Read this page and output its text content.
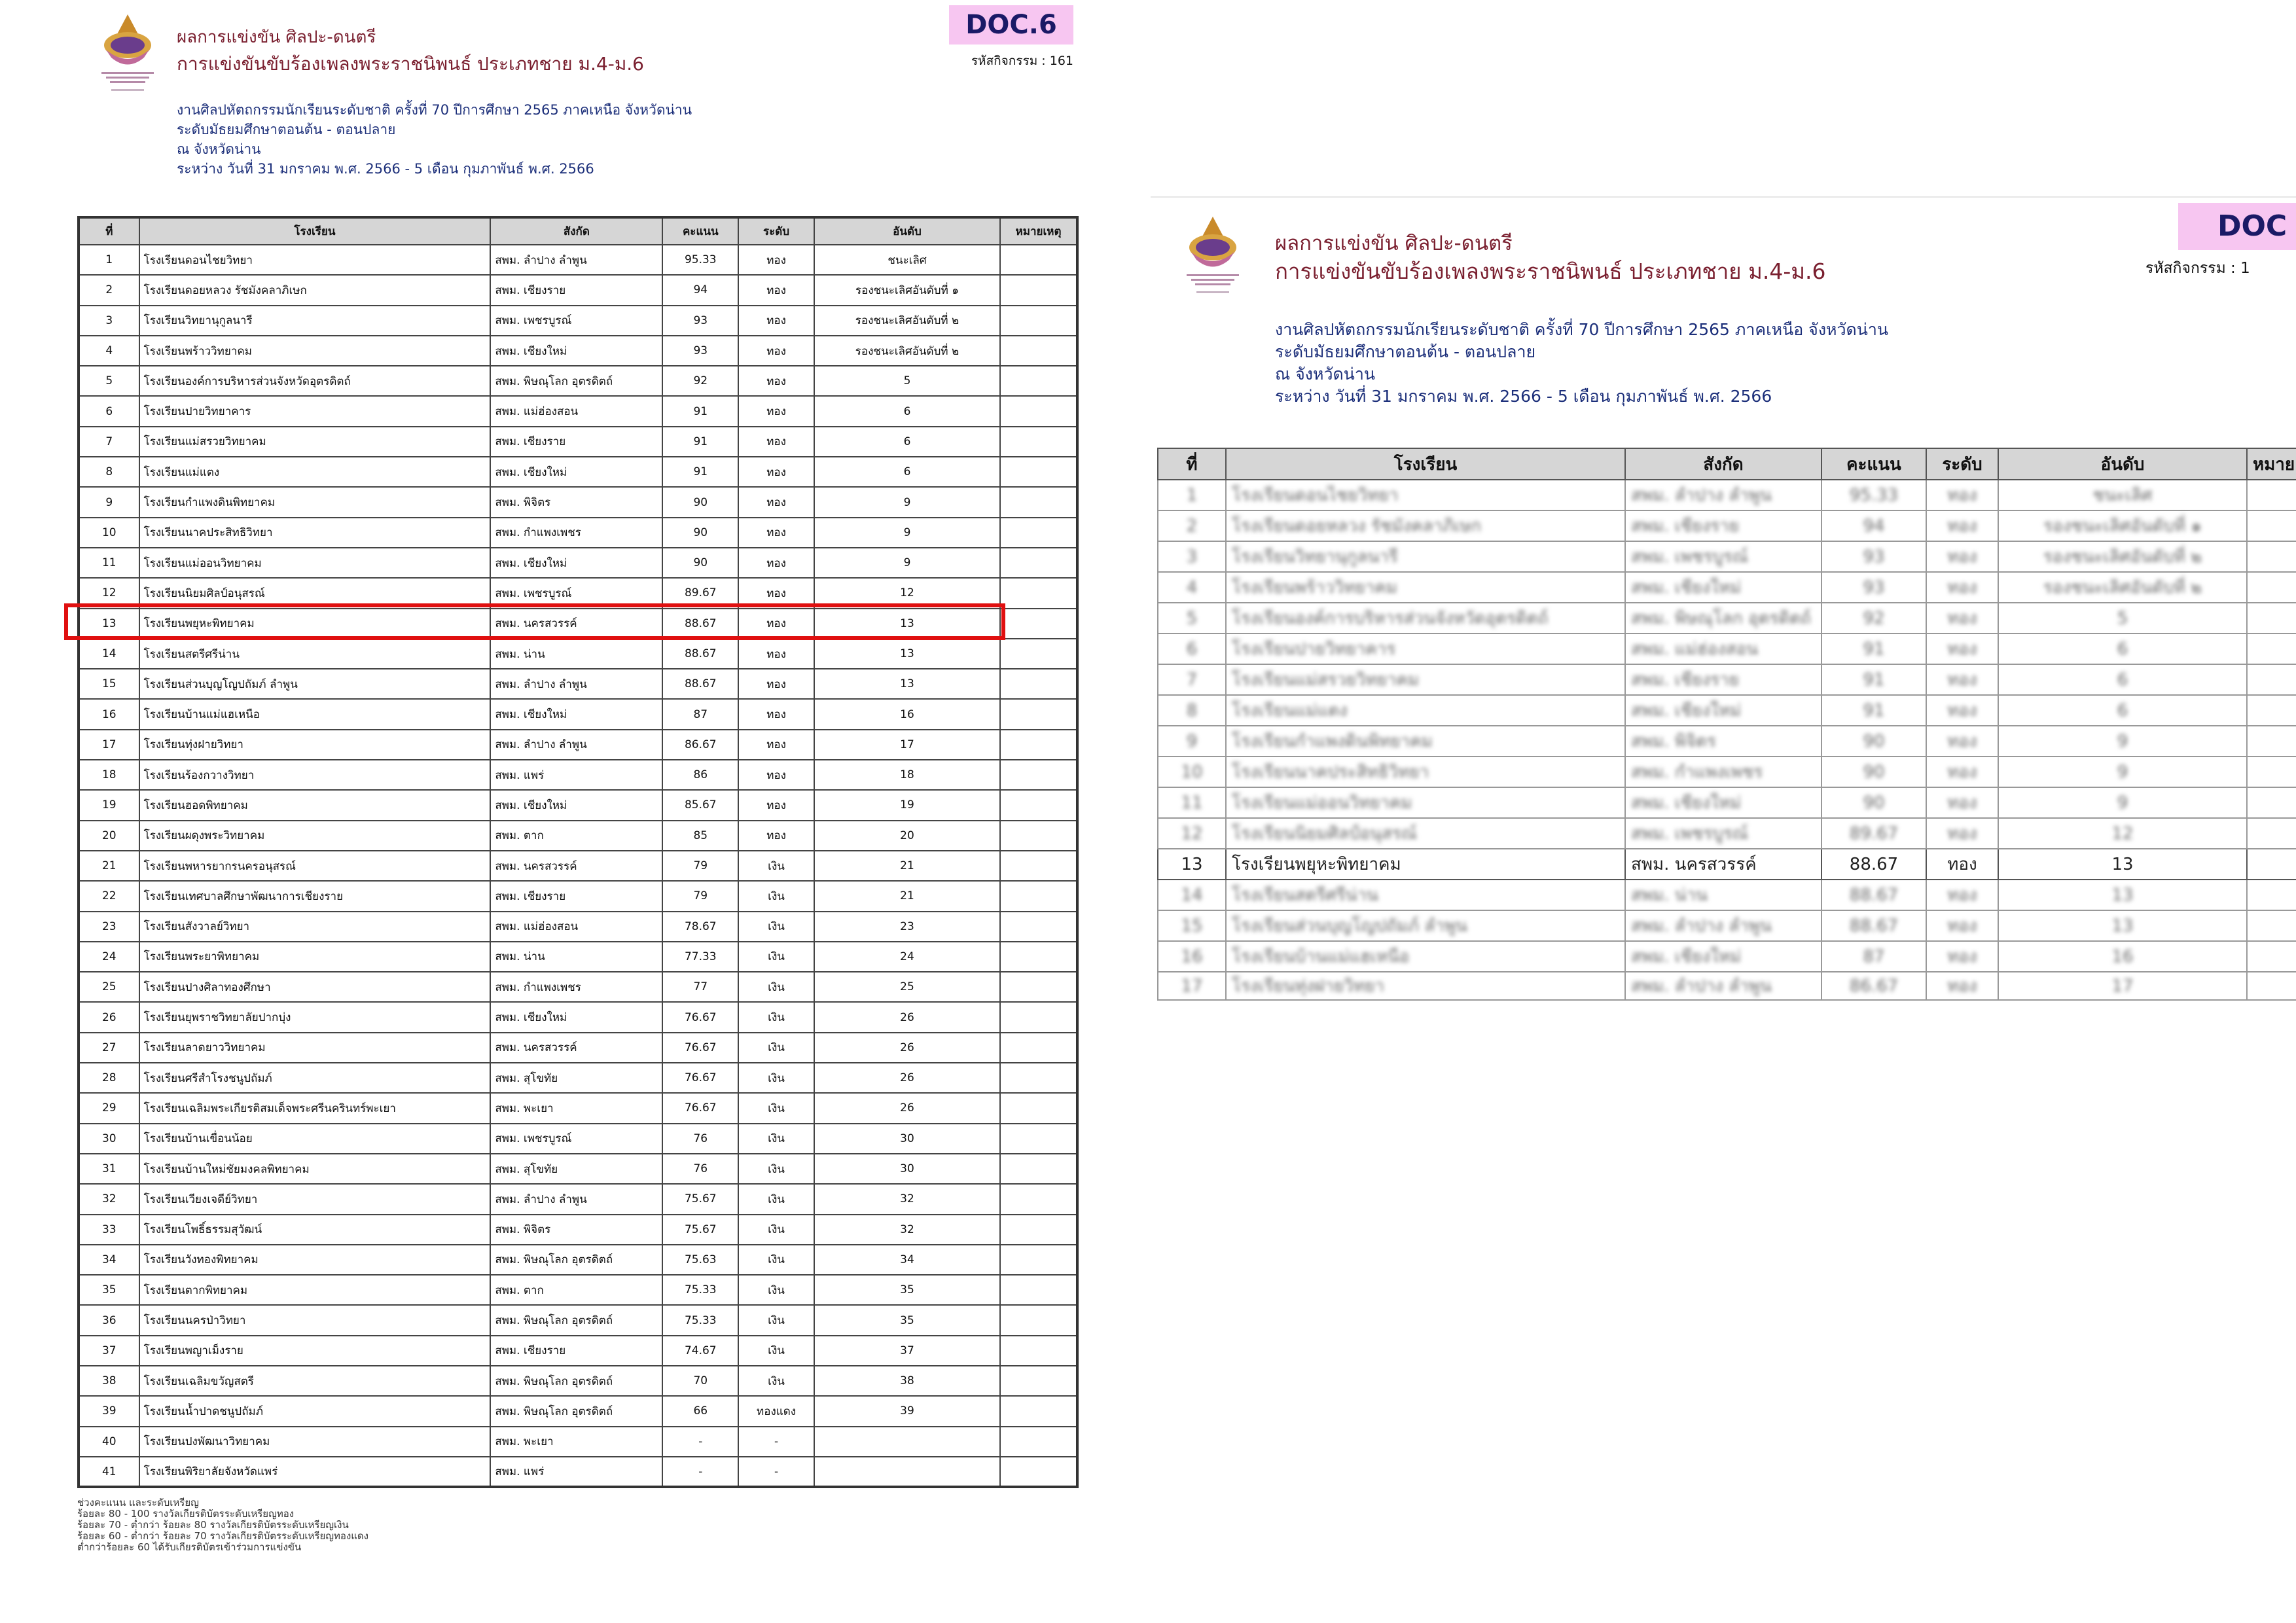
ผลการแข่งขัน ศิลปะ-ดนตรี
การแข่งขันขับร้องเพลงพระราชนิพนธ์ ประเภทชาย ม.4-ม.6
DOC.6
รหัสกิจกรรม : 161
งานศิลปหัตถกรรมนักเรียนระดับชาติ ครั้งที่ 70 ปีการศึกษา 2565 ภาคเหนือ จังหวัดน่าน
ระดับมัธยมศึกษาตอนต้น - ตอนปลาย
ณ จังหวัดน่าน
ระหว่าง วันที่ 31 มกราคม พ.ศ. 2566 - 5 เดือน กุมภาพันธ์ พ.ศ. 2566
ที่	โรงเรียน	สังกัด	คะแนน	ระดับ	อันดับ	หมายเหตุ
1	โรงเรียนดอนไชยวิทยา	สพม. ลำปาง ลำพูน	95.33	ทอง	ชนะเลิศ	
2	โรงเรียนดอยหลวง รัชมังคลาภิเษก	สพม. เชียงราย	94	ทอง	รองชนะเลิศอันดับที่ ๑	
3	โรงเรียนวิทยานุกูลนารี	สพม. เพชรบูรณ์	93	ทอง	รองชนะเลิศอันดับที่ ๒	
4	โรงเรียนพร้าววิทยาคม	สพม. เชียงใหม่	93	ทอง	รองชนะเลิศอันดับที่ ๒	
5	โรงเรียนองค์การบริหารส่วนจังหวัดอุตรดิตถ์	สพม. พิษณุโลก อุตรดิตถ์	92	ทอง	5	
6	โรงเรียนปายวิทยาคาร	สพม. แม่ฮ่องสอน	91	ทอง	6	
7	โรงเรียนแม่สรวยวิทยาคม	สพม. เชียงราย	91	ทอง	6	
8	โรงเรียนแม่แตง	สพม. เชียงใหม่	91	ทอง	6	
9	โรงเรียนกำแพงดินพิทยาคม	สพม. พิจิตร	90	ทอง	9	
10	โรงเรียนนาคประสิทธิวิทยา	สพม. กำแพงเพชร	90	ทอง	9	
11	โรงเรียนแม่ออนวิทยาคม	สพม. เชียงใหม่	90	ทอง	9	
12	โรงเรียนนิยมศิลป์อนุสรณ์	สพม. เพชรบูรณ์	89.67	ทอง	12	
13	โรงเรียนพยุหะพิทยาคม	สพม. นครสวรรค์	88.67	ทอง	13	
14	โรงเรียนสตรีศรีน่าน	สพม. น่าน	88.67	ทอง	13	
15	โรงเรียนส่วนบุญโญปถัมภ์ ลำพูน	สพม. ลำปาง ลำพูน	88.67	ทอง	13	
16	โรงเรียนบ้านแม่แฮเหนือ	สพม. เชียงใหม่	87	ทอง	16	
17	โรงเรียนทุ่งฝายวิทยา	สพม. ลำปาง ลำพูน	86.67	ทอง	17	
18	โรงเรียนร้องกวางวิทยา	สพม. แพร่	86	ทอง	18	
19	โรงเรียนฮอดพิทยาคม	สพม. เชียงใหม่	85.67	ทอง	19	
20	โรงเรียนผดุงพระวิทยาคม	สพม. ตาก	85	ทอง	20	
21	โรงเรียนพหารยากรนครอนุสรณ์	สพม. นครสวรรค์	79	เงิน	21	
22	โรงเรียนเทศบาลศึกษาพัฒนาการเชียงราย	สพม. เชียงราย	79	เงิน	21	
23	โรงเรียนสังวาลย์วิทยา	สพม. แม่ฮ่องสอน	78.67	เงิน	23	
24	โรงเรียนพระยาพิทยาคม	สพม. น่าน	77.33	เงิน	24	
25	โรงเรียนปางศิลาทองศึกษา	สพม. กำแพงเพชร	77	เงิน	25	
26	โรงเรียนยุพราชวิทยาลัยปากบุ่ง	สพม. เชียงใหม่	76.67	เงิน	26	
27	โรงเรียนลาดยาววิทยาคม	สพม. นครสวรรค์	76.67	เงิน	26	
28	โรงเรียนศรีสำโรงชนูปถัมภ์	สพม. สุโขทัย	76.67	เงิน	26	
29	โรงเรียนเฉลิมพระเกียรติสมเด็จพระศรีนครินทร์พะเยา	สพม. พะเยา	76.67	เงิน	26	
30	โรงเรียนบ้านเขื่อนน้อย	สพม. เพชรบูรณ์	76	เงิน	30	
31	โรงเรียนบ้านใหม่ชัยมงคลพิทยาคม	สพม. สุโขทัย	76	เงิน	30	
32	โรงเรียนเวียงเจดีย์วิทยา	สพม. ลำปาง ลำพูน	75.67	เงิน	32	
33	โรงเรียนโพธิ์ธรรมสุวัฒน์	สพม. พิจิตร	75.67	เงิน	32	
34	โรงเรียนวังทองพิทยาคม	สพม. พิษณุโลก อุตรดิตถ์	75.63	เงิน	34	
35	โรงเรียนตากพิทยาคม	สพม. ตาก	75.33	เงิน	35	
36	โรงเรียนนครป่าวิทยา	สพม. พิษณุโลก อุตรดิตถ์	75.33	เงิน	35	
37	โรงเรียนพญาเม็งราย	สพม. เชียงราย	74.67	เงิน	37	
38	โรงเรียนเฉลิมขวัญสตรี	สพม. พิษณุโลก อุตรดิตถ์	70	เงิน	38	
39	โรงเรียนน้ำปาดชนูปถัมภ์	สพม. พิษณุโลก อุตรดิตถ์	66	ทองแดง	39	
40	โรงเรียนปงพัฒนาวิทยาคม	สพม. พะเยา	-	-		
41	โรงเรียนพิริยาลัยจังหวัดแพร่	สพม. แพร่	-	-		
ช่วงคะแนน และระดับเหรียญ
ร้อยละ 80 - 100 รางวัลเกียรติบัตรระดับเหรียญทอง
ร้อยละ 70 - ต่ำกว่า ร้อยละ 80 รางวัลเกียรติบัตรระดับเหรียญเงิน
ร้อยละ 60 - ต่ำกว่า ร้อยละ 70 รางวัลเกียรติบัตรระดับเหรียญทองแดง
ต่ำกว่าร้อยละ 60 ได้รับเกียรติบัตรเข้าร่วมการแข่งขัน
ผลการแข่งขัน ศิลปะ-ดนตรี
การแข่งขันขับร้องเพลงพระราชนิพนธ์ ประเภทชาย ม.4-ม.6
DOC
รหัสกิจกรรม : 1
งานศิลปหัตถกรรมนักเรียนระดับชาติ ครั้งที่ 70 ปีการศึกษา 2565 ภาคเหนือ จังหวัดน่าน
ระดับมัธยมศึกษาตอนต้น - ตอนปลาย
ณ จังหวัดน่าน
ระหว่าง วันที่ 31 มกราคม พ.ศ. 2566 - 5 เดือน กุมภาพันธ์ พ.ศ. 2566
ที่	โรงเรียน	สังกัด	คะแนน	ระดับ	อันดับ	หมาย
1	โรงเรียนดอนไชยวิทยา	สพม. ลำปาง ลำพูน	95.33	ทอง	ชนะเลิศ	
2	โรงเรียนดอยหลวง รัชมังคลาภิเษก	สพม. เชียงราย	94	ทอง	รองชนะเลิศอันดับที่ ๑	
3	โรงเรียนวิทยานุกูลนารี	สพม. เพชรบูรณ์	93	ทอง	รองชนะเลิศอันดับที่ ๒	
4	โรงเรียนพร้าววิทยาคม	สพม. เชียงใหม่	93	ทอง	รองชนะเลิศอันดับที่ ๒	
5	โรงเรียนองค์การบริหารส่วนจังหวัดอุตรดิตถ์	สพม. พิษณุโลก อุตรดิตถ์	92	ทอง	5	
6	โรงเรียนปายวิทยาคาร	สพม. แม่ฮ่องสอน	91	ทอง	6	
7	โรงเรียนแม่สรวยวิทยาคม	สพม. เชียงราย	91	ทอง	6	
8	โรงเรียนแม่แตง	สพม. เชียงใหม่	91	ทอง	6	
9	โรงเรียนกำแพงดินพิทยาคม	สพม. พิจิตร	90	ทอง	9	
10	โรงเรียนนาคประสิทธิวิทยา	สพม. กำแพงเพชร	90	ทอง	9	
11	โรงเรียนแม่ออนวิทยาคม	สพม. เชียงใหม่	90	ทอง	9	
12	โรงเรียนนิยมศิลป์อนุสรณ์	สพม. เพชรบูรณ์	89.67	ทอง	12	
13	โรงเรียนพยุหะพิทยาคม	สพม. นครสวรรค์	88.67	ทอง	13	
14	โรงเรียนสตรีศรีน่าน	สพม. น่าน	88.67	ทอง	13	
15	โรงเรียนส่วนบุญโญปถัมภ์ ลำพูน	สพม. ลำปาง ลำพูน	88.67	ทอง	13	
16	โรงเรียนบ้านแม่แฮเหนือ	สพม. เชียงใหม่	87	ทอง	16	
17	โรงเรียนทุ่งฝายวิทยา	สพม. ลำปาง ลำพูน	86.67	ทอง	17	
